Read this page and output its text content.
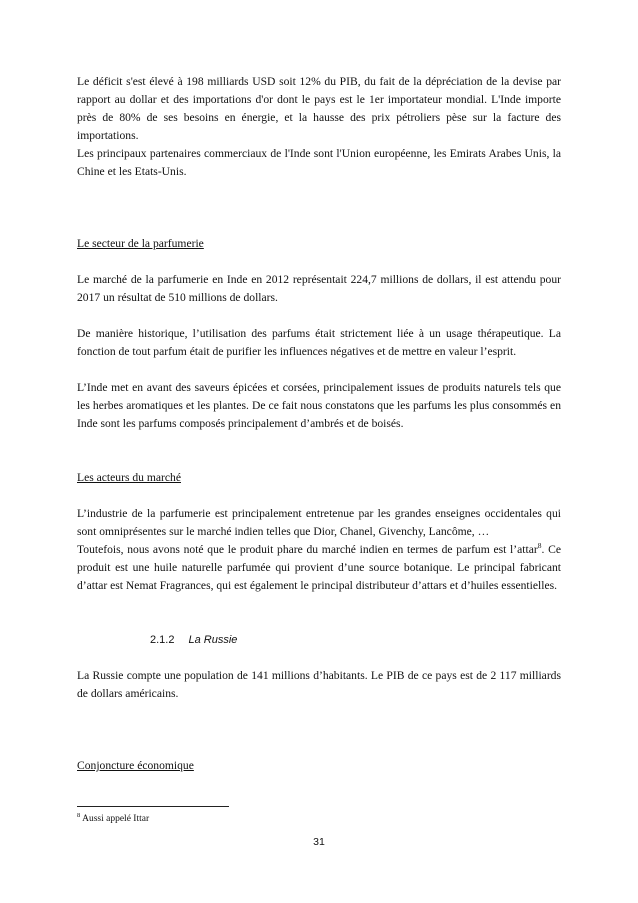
Le déficit s'est élevé à 198 milliards USD soit 12% du PIB, du fait de la dépréciation de la devise par rapport au dollar et des importations d'or dont le pays est le 1er importateur mondial. L'Inde importe près de 80% de ses besoins en énergie, et la hausse des prix pétroliers pèse sur la facture des importations.

Les principaux partenaires commerciaux de l'Inde sont l'Union européenne, les Emirats Arabes Unis, la Chine et les Etats-Unis.

Le secteur de la parfumerie

Le marché de la parfumerie en Inde en 2012 représentait 224,7 millions de dollars, il est attendu pour 2017 un résultat de 510 millions de dollars.

De manière historique, l’utilisation des parfums était strictement liée à un usage thérapeutique. La fonction de tout parfum était de purifier les influences négatives et de mettre en valeur l’esprit.

L’Inde met en avant des saveurs épicées et corsées, principalement issues de produits naturels tels que les herbes aromatiques et les plantes. De ce fait nous constatons que les parfums les plus consommés en Inde sont les parfums composés principalement d’ambrés et de boisés.

Les acteurs du marché

L’industrie de la parfumerie est principalement entretenue par les grandes enseignes occidentales qui sont omniprésentes sur le marché indien telles que Dior, Chanel, Givenchy, Lancôme, …

Toutefois, nous avons noté que le produit phare du marché indien en termes de parfum est l’attar$^8$. Ce produit est une huile naturelle parfumée qui provient d’une source botanique. Le principal fabricant d’attar est Nemat Fragrances, qui est également le principal distributeur d’attars et d’huiles essentielles.

2.1.2 La Russie

La Russie compte une population de 141 millions d’habitants. Le PIB de ce pays est de 2 117 milliards de dollars américains.

Conjoncture économique

$^8$ Aussi appelé Ittar
31
